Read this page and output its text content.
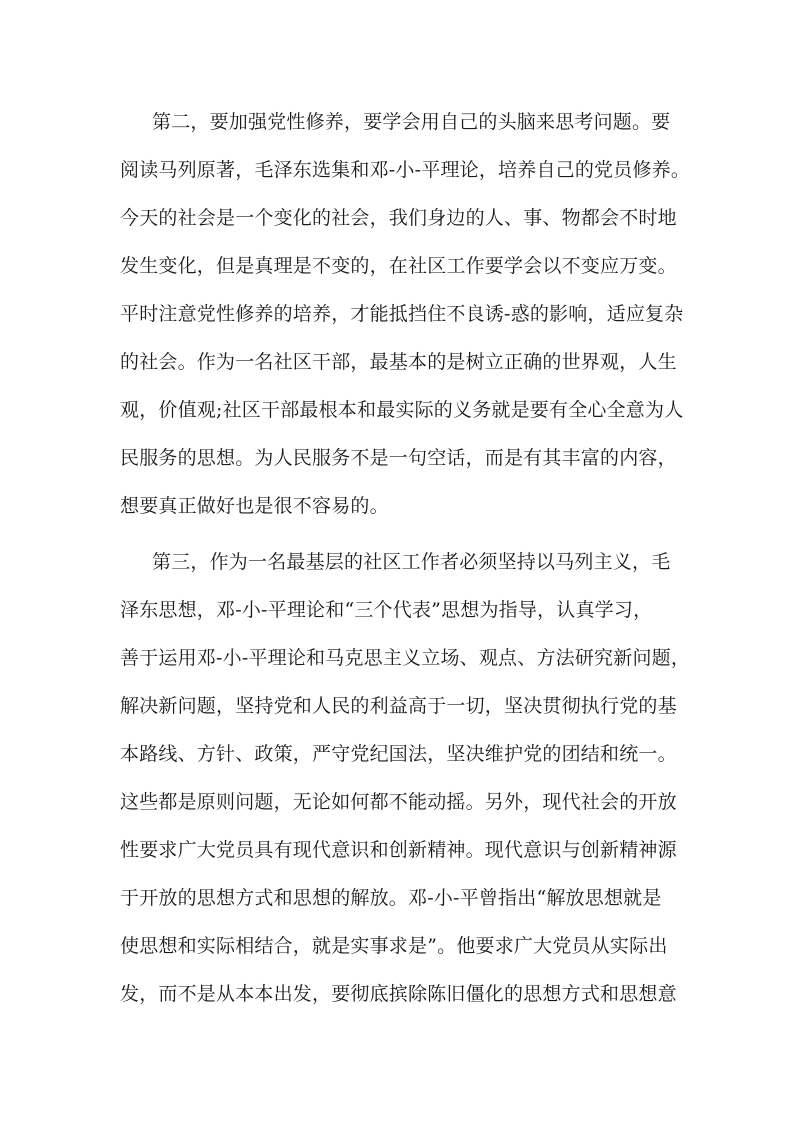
第二，要加强党性修养，要学会用自己的头脑来思考问题。要
阅读马列原著，毛泽东选集和邓-小-平理论，培养自己的党员修养。
今天的社会是一个变化的社会，我们身边的人、事、物都会不时地
发生变化，但是真理是不变的，在社区工作要学会以不变应万变。
平时注意党性修养的培养，才能抵挡住不良诱-惑的影响，适应复杂
的社会。作为一名社区干部，最基本的是树立正确的世界观，人生
观，价值观;社区干部最根本和最实际的义务就是要有全心全意为人
民服务的思想。为人民服务不是一句空话，而是有其丰富的内容，
想要真正做好也是很不容易的。
第三，作为一名最基层的社区工作者必须坚持以马列主义，毛
泽东思想，邓-小-平理论和“三个代表”思想为指导，认真学习，
善于运用邓-小-平理论和马克思主义立场、观点、方法研究新问题，
解决新问题，坚持党和人民的利益高于一切，坚决贯彻执行党的基
本路线、方针、政策，严守党纪国法，坚决维护党的团结和统一。
这些都是原则问题，无论如何都不能动摇。另外，现代社会的开放
性要求广大党员具有现代意识和创新精神。现代意识与创新精神源
于开放的思想方式和思想的解放。邓-小-平曾指出“解放思想就是
使思想和实际相结合，就是实事求是”。他要求广大党员从实际出
发，而不是从本本出发，要彻底摈除陈旧僵化的思想方式和思想意
